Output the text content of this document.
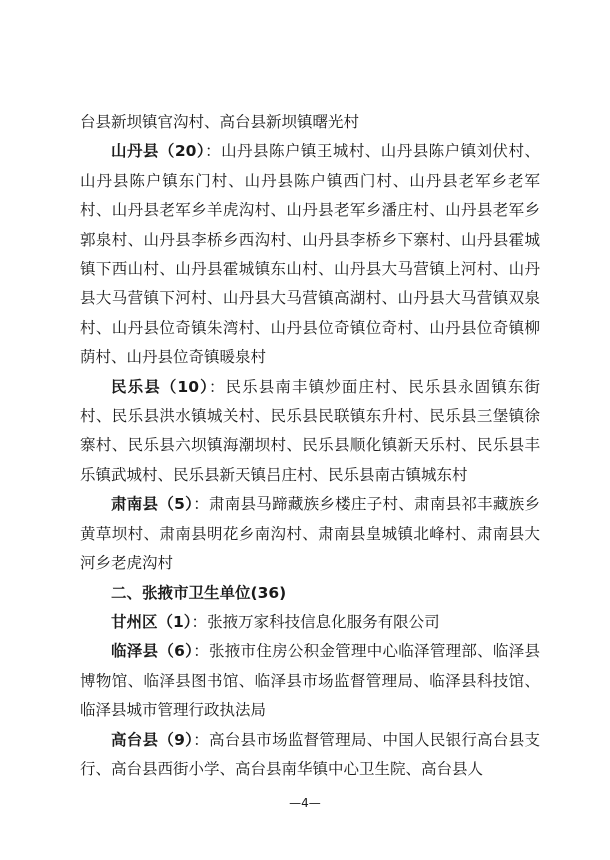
台县新坝镇官沟村、高台县新坝镇曙光村

山丹县（20）：山丹县陈户镇王城村、山丹县陈户镇刘伏村、山丹县陈户镇东门村、山丹县陈户镇西门村、山丹县老军乡老军村、山丹县老军乡羊虎沟村、山丹县老军乡潘庄村、山丹县老军乡郭泉村、山丹县李桥乡西沟村、山丹县李桥乡下寨村、山丹县霍城镇下西山村、山丹县霍城镇东山村、山丹县大马营镇上河村、山丹县大马营镇下河村、山丹县大马营镇高湖村、山丹县大马营镇双泉村、山丹县位奇镇朱湾村、山丹县位奇镇位奇村、山丹县位奇镇柳荫村、山丹县位奇镇暖泉村

民乐县（10）：民乐县南丰镇炒面庄村、民乐县永固镇东街村、民乐县洪水镇城关村、民乐县民联镇东升村、民乐县三堡镇徐寨村、民乐县六坝镇海潮坝村、民乐县顺化镇新天乐村、民乐县丰乐镇武城村、民乐县新天镇吕庄村、民乐县南古镇城东村

肃南县（5）：肃南县马蹄藏族乡楼庄子村、肃南县祁丰藏族乡黄草坝村、肃南县明花乡南沟村、肃南县皇城镇北峰村、肃南县大河乡老虎沟村

二、张掖市卫生单位(36)

甘州区（1）：张掖万家科技信息化服务有限公司

临泽县（6）：张掖市住房公积金管理中心临泽管理部、临泽县博物馆、临泽县图书馆、临泽县市场监督管理局、临泽县科技馆、临泽县城市管理行政执法局

高台县（9）：高台县市场监督管理局、中国人民银行高台县支行、高台县西街小学、高台县南华镇中心卫生院、高台县人

—4—
